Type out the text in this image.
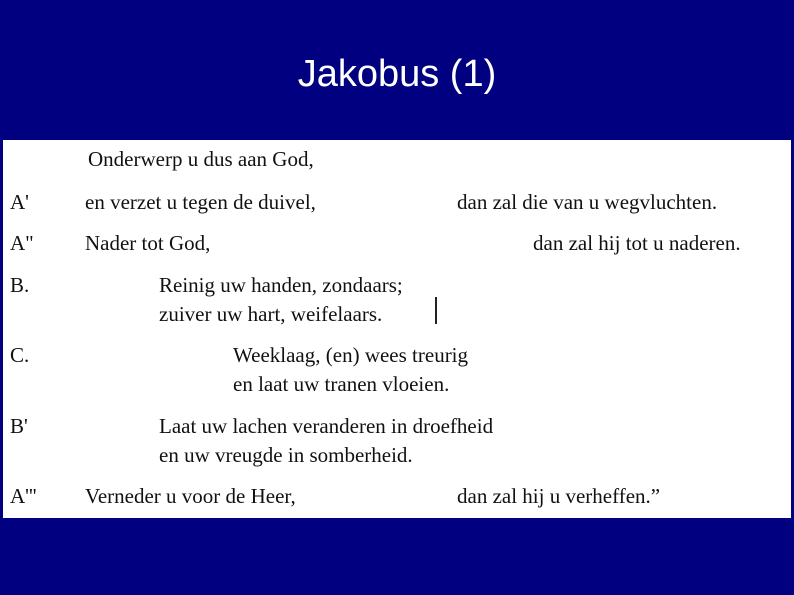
Jakobus (1)
Onderwerp u dus aan God,
A'	en verzet u tegen de duivel,	dan zal die van u wegvluchten.
A" Nader tot God,	dan zal hij tot u naderen.
B.	Reinig uw handen, zondaars;
zuiver uw hart, weifelaars.
C.	Weeklaag, (en) wees treurig
en laat uw tranen vloeien.
B'	Laat uw lachen veranderen in droefheid
en uw vreugde in somberheid.
A''' Verneder u voor de Heer,	dan zal hij u verheffen.”
